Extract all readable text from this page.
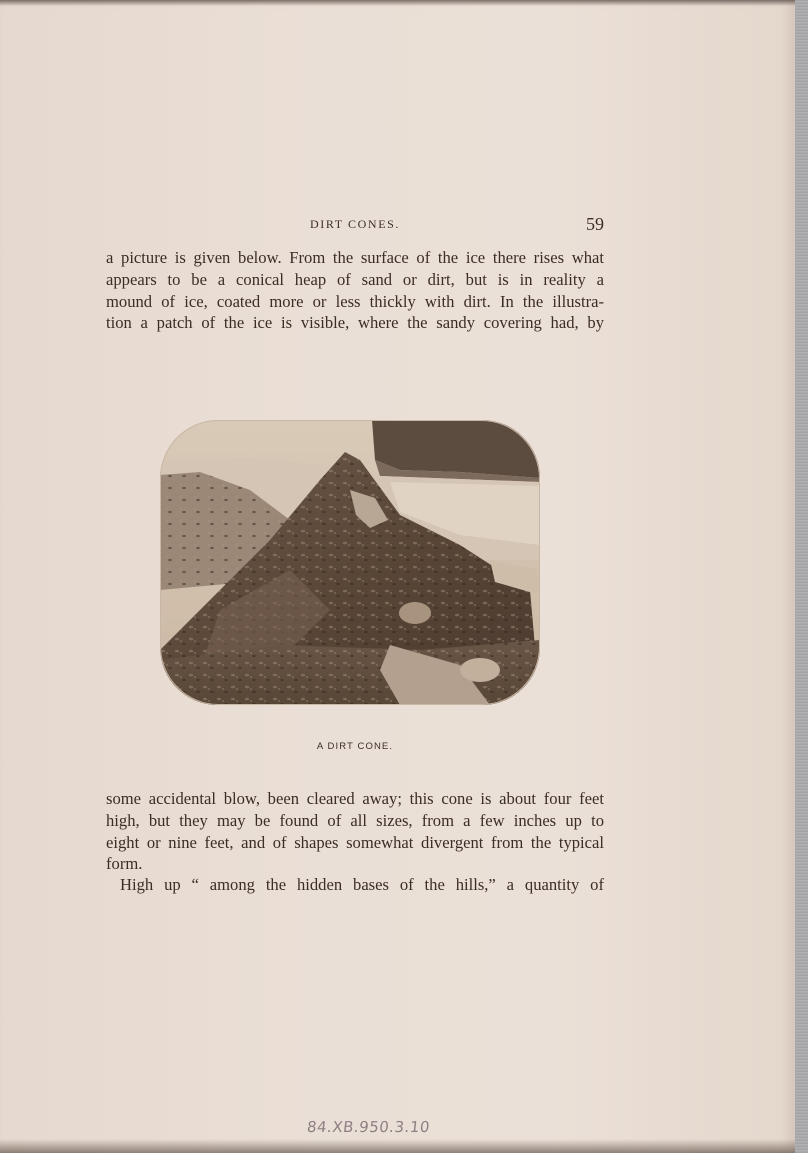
DIRT CONES.	59
a picture is given below. From the surface of the ice there rises what
appears to be a conical heap of sand or dirt, but is in reality a
mound of ice, coated more or less thickly with dirt. In the illustra-
tion a patch of the ice is visible, where the sandy covering had, by
A DIRT CONE.
some accidental blow, been cleared away; this cone is about four feet
high, but they may be found of all sizes, from a few inches up to
eight or nine feet, and of shapes somewhat divergent from the typical
form.
High up “ among the hidden bases of the hills,” a quantity of
84.XB.950.3.10
